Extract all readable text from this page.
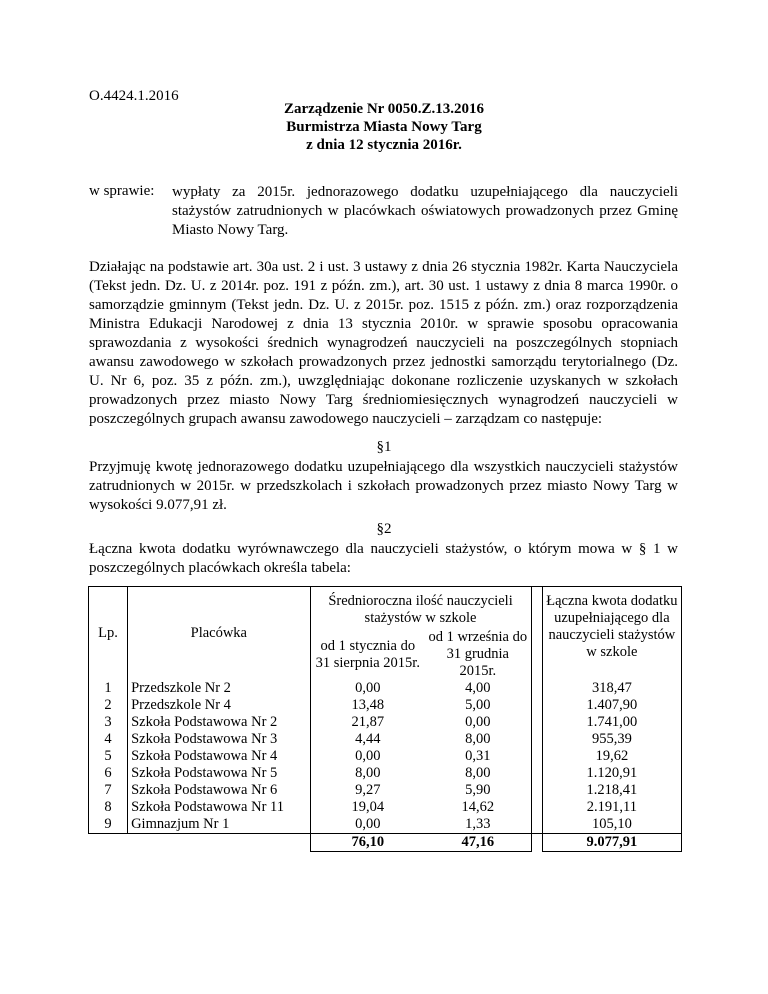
O.4424.1.2016
Zarządzenie Nr 0050.Z.13.2016
Burmistrza Miasta Nowy Targ
z dnia 12 stycznia 2016r.
w sprawie: wypłaty za 2015r. jednorazowego dodatku uzupełniającego dla nauczycieli stażystów zatrudnionych w placówkach oświatowych prowadzonych przez Gminę Miasto Nowy Targ.
Działając na podstawie art. 30a ust. 2 i ust. 3 ustawy z dnia 26 stycznia 1982r. Karta Nauczyciela (Tekst jedn. Dz. U. z 2014r. poz. 191 z późn. zm.), art. 30 ust. 1 ustawy z dnia 8 marca 1990r. o samorządzie gminnym (Tekst jedn. Dz. U. z 2015r. poz. 1515 z późn. zm.) oraz rozporządzenia Ministra Edukacji Narodowej z dnia 13 stycznia 2010r. w sprawie sposobu opracowania sprawozdania z wysokości średnich wynagrodzeń nauczycieli na poszczególnych stopniach awansu zawodowego w szkołach prowadzonych przez jednostki samorządu terytorialnego (Dz. U. Nr 6, poz. 35 z późn. zm.), uwzględniając dokonane rozliczenie uzyskanych w szkołach prowadzonych przez miasto Nowy Targ średniomiesięcznych wynagrodzeń nauczycieli w poszczególnych grupach awansu zawodowego nauczycieli – zarządzam co następuje:
§1
Przyjmuję kwotę jednorazowego dodatku uzupełniającego dla wszystkich nauczycieli stażystów zatrudnionych w 2015r. w przedszkolach i szkołach prowadzonych przez miasto Nowy Targ w wysokości 9.077,91 zł.
§2
Łączna kwota dodatku wyrównawczego dla nauczycieli stażystów, o którym mowa w § 1 w poszczególnych placówkach określa tabela:
Lp.	Placówka	Średnioroczna ilość nauczycieli stażystów w szkole			Łączna kwota dodatku uzupełniającego dla nauczycieli stażystów w szkole
		od 1 stycznia do 31 sierpnia 2015r.	od 1 września do 31 grudnia 2015r.		
1	Przedszkole Nr 2	0,00	4,00		318,47
2	Przedszkole Nr 4	13,48	5,00		1.407,90
3	Szkoła Podstawowa Nr 2	21,87	0,00		1.741,00
4	Szkoła Podstawowa Nr 3	4,44	8,00		955,39
5	Szkoła Podstawowa Nr 4	0,00	0,31		19,62
6	Szkoła Podstawowa Nr 5	8,00	8,00		1.120,91
7	Szkoła Podstawowa Nr 6	9,27	5,90		1.218,41
8	Szkoła Podstawowa Nr 11	19,04	14,62		2.191,11
9	Gimnazjum Nr 1	0,00	1,33		105,10
		76,10	47,16		9.077,91
